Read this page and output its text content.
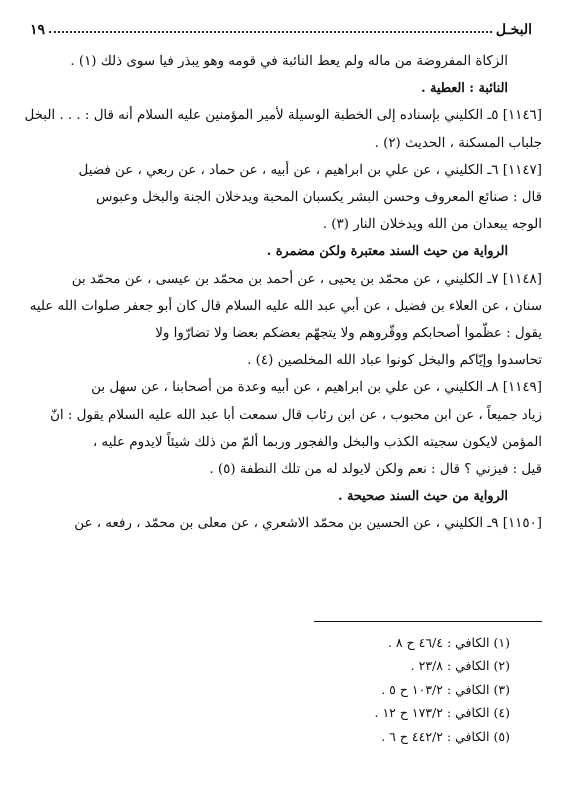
البخـل
١٩
الزكاة المفروضة من ماله ولم يعط النائبة في قومه وهو يبذر فيا سوى ذلك (١) .
النائبة : العطية .
[١١٤٦] ٥ـ الكليني بإسناده إلى الخطبة الوسيلة لأمير المؤمنين عليه السلام أنه قال : . . . البخل
جلباب المسكنة ، الحديث (٢) .
[١١٤٧] ٦ـ الكليني ، عن علي بن ابراهيم ، عن أبيه ، عن حماد ، عن ربعي ، عن فضيل
قال : صنائع المعروف وحسن البشر يكسبان المحبة ويدخلان الجنة والبخل وعبوس
الوجه يبعدان من الله ويدخلان النار (٣) .
الرواية من حيث السند معتبرة ولكن مضمرة .
[١١٤٨] ٧ـ الكليني ، عن محمّد بن يحيى ، عن أحمد بن محمّد بن عيسى ، عن محمّد بن
سنان ، عن العلاء بن فضيل ، عن أبي عبد الله عليه السلام قال كان أبو جعفر صلوات الله عليه
يقول : عظّموا أصحابكم ووقّروهم ولا يتجهّم بعضكم بعضا ولا تضارّوا ولا
تحاسدوا وإيّاكم والبخل كونوا عباد الله المخلصين (٤) .
[١١٤٩] ٨ـ الكليني ، عن علي بن ابراهيم ، عن أبيه وعدة من أصحابنا ، عن سهل بن
زياد جميعاً ، عن ابن محبوب ، عن ابن رئاب قال سمعت أبا عبد الله عليه السلام يقول : انّ
المؤمن لايكون سجيته الكذب والبخل والفجور وربما ألمّ من ذلك شيئاً لايدوم عليه ،
قيل : فيزني ؟ قال : نعم ولكن لايولد له من تلك النطفة (٥) .
الرواية من حيث السند صحيحة .
[١١٥٠] ٩ـ الكليني ، عن الحسين بن محمّد الاشعري ، عن معلى بن محمّد ، رفعه ، عن
(١) الكافي : ٤٦/٤ ح ٨ .
(٢) الكافي : ٢٣/٨ .
(٣) الكافي : ١٠٣/٢ ح ٥ .
(٤) الكافي : ١٧٣/٢ ح ١٢ .
(٥) الكافي : ٤٤٢/٢ ح ٦ .
